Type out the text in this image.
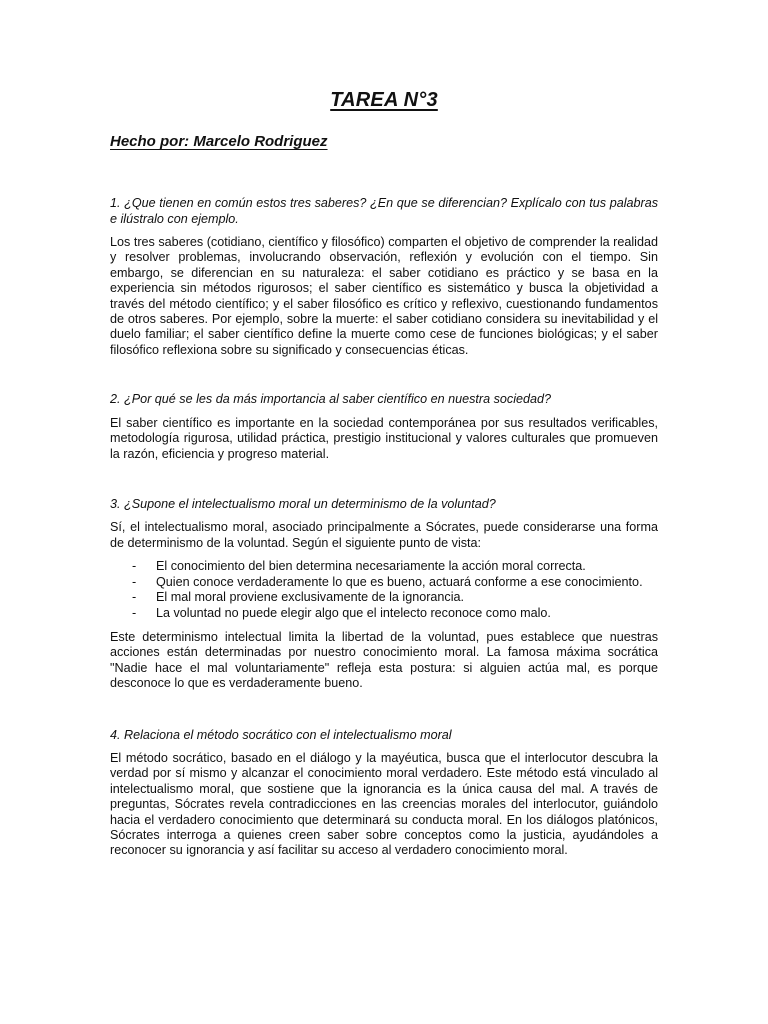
TAREA N°3

Hecho por: Marcelo Rodriguez

1. ¿Que tienen en común estos tres saberes? ¿En que se diferencian? Explícalo con tus palabras e ilústralo con ejemplo.

Los tres saberes (cotidiano, científico y filosófico) comparten el objetivo de comprender la realidad y resolver problemas, involucrando observación, reflexión y evolución con el tiempo. Sin embargo, se diferencian en su naturaleza: el saber cotidiano es práctico y se basa en la experiencia sin métodos rigurosos; el saber científico es sistemático y busca la objetividad a través del método científico; y el saber filosófico es crítico y reflexivo, cuestionando fundamentos de otros saberes. Por ejemplo, sobre la muerte: el saber cotidiano considera su inevitabilidad y el duelo familiar; el saber científico define la muerte como cese de funciones biológicas; y el saber filosófico reflexiona sobre su significado y consecuencias éticas.

2. ¿Por qué se les da más importancia al saber científico en nuestra sociedad?

El saber científico es importante en la sociedad contemporánea por sus resultados verificables, metodología rigurosa, utilidad práctica, prestigio institucional y valores culturales que promueven la razón, eficiencia y progreso material.

3. ¿Supone el intelectualismo moral un determinismo de la voluntad?

Sí, el intelectualismo moral, asociado principalmente a Sócrates, puede considerarse una forma de determinismo de la voluntad. Según el siguiente punto de vista:

- El conocimiento del bien determina necesariamente la acción moral correcta.
- Quien conoce verdaderamente lo que es bueno, actuará conforme a ese conocimiento.
- El mal moral proviene exclusivamente de la ignorancia.
- La voluntad no puede elegir algo que el intelecto reconoce como malo.

Este determinismo intelectual limita la libertad de la voluntad, pues establece que nuestras acciones están determinadas por nuestro conocimiento moral. La famosa máxima socrática "Nadie hace el mal voluntariamente" refleja esta postura: si alguien actúa mal, es porque desconoce lo que es verdaderamente bueno.

4. Relaciona el método socrático con el intelectualismo moral

El método socrático, basado en el diálogo y la mayéutica, busca que el interlocutor descubra la verdad por sí mismo y alcanzar el conocimiento moral verdadero. Este método está vinculado al intelectualismo moral, que sostiene que la ignorancia es la única causa del mal. A través de preguntas, Sócrates revela contradicciones en las creencias morales del interlocutor, guiándolo hacia el verdadero conocimiento que determinará su conducta moral. En los diálogos platónicos, Sócrates interroga a quienes creen saber sobre conceptos como la justicia, ayudándoles a reconocer su ignorancia y así facilitar su acceso al verdadero conocimiento moral.
